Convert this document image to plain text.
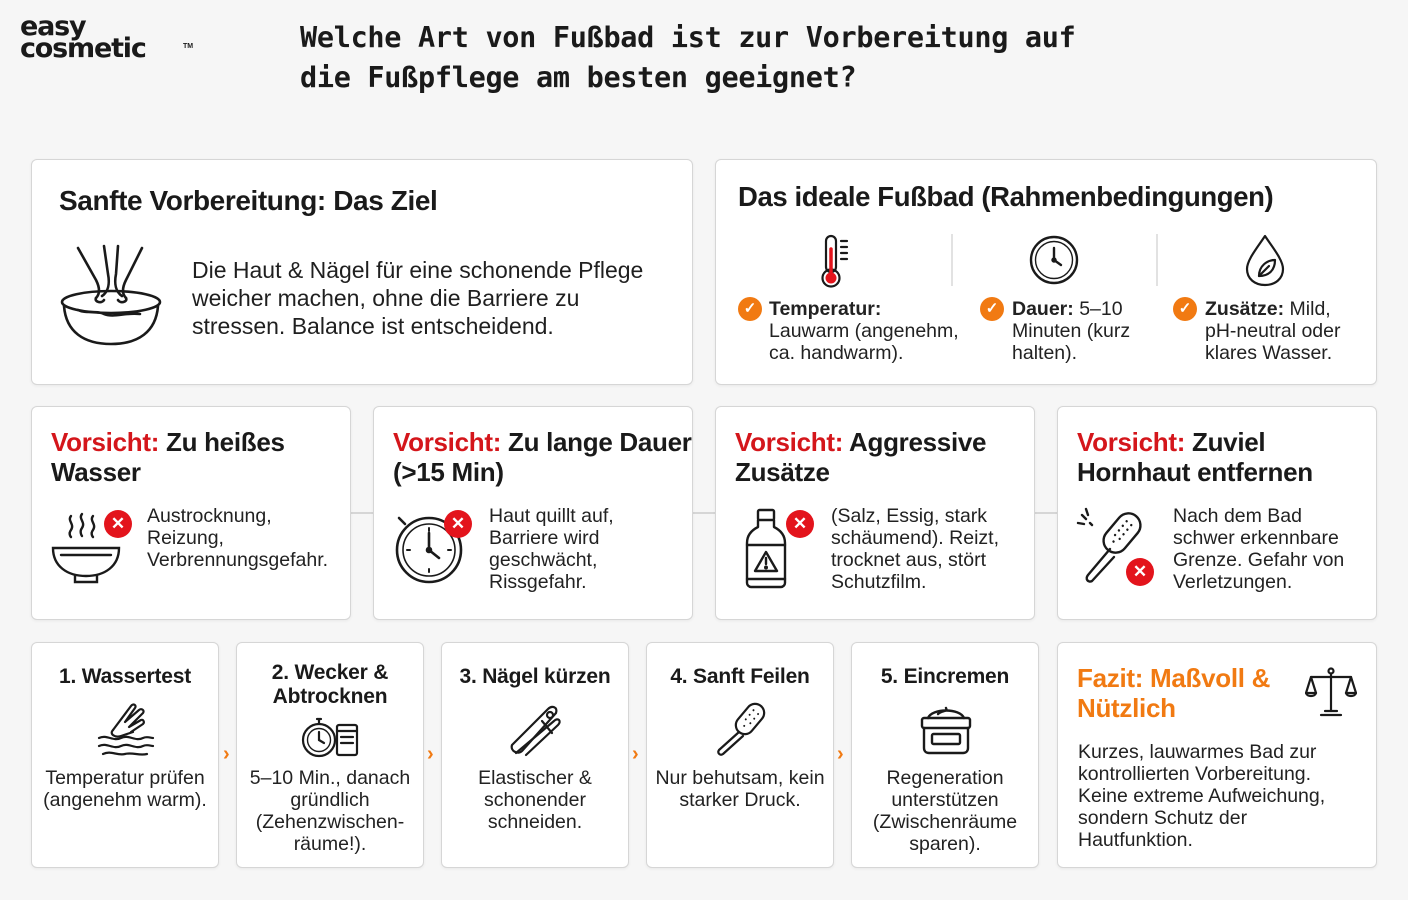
easy
cosmetic	TM	Welche Art von Fußbad ist zur Vorbereitung auf die Fußpflege am besten geeignet?
Sanfte Vorbereitung: Das Ziel
Die Haut & Nägel für eine schonende Pflege weicher machen, ohne die Barriere zu stressen. Balance ist entscheidend.
Das ideale Fußbad (Rahmenbedingungen)
✓ Temperatur:
Lauwarm (angenehm, ca. handwarm).
✓ Dauer: 5–10 Minuten (kurz halten).
✓ Zusätze: Mild, pH-neutral oder klares Wasser.
Vorsicht: Zu heißes Wasser
✕	Austrocknung, Reizung, Verbrennungsgefahr.
Vorsicht: Zu lange Dauer (>15 Min)
✕	Haut quillt auf, Barriere wird geschwächt, Rissgefahr.
Vorsicht: Aggressive Zusätze
✕	(Salz, Essig, stark schäumend). Reizt, trocknet aus, stört Schutzfilm.
Vorsicht: Zuviel Hornhaut entfernen
✕
Nach dem Bad schwer erkennbare Grenze. Gefahr von Verletzungen.
1. Wassertest
Temperatur prüfen (angenehm warm).
›
2. Wecker & Abtrocknen
5–10 Min., danach gründlich (Zehenzwischen-räume!).
›
3. Nägel kürzen
Elastischer & schonender schneiden.
›
4. Sanft Feilen
Nur behutsam, kein starker Druck.
›
5. Eincremen
Regeneration unterstützen (Zwischenräume sparen).
Fazit: Maßvoll & Nützlich
Kurzes, lauwarmes Bad zur kontrollierten Vorbereitung. Keine extreme Aufweichung, sondern Schutz der Hautfunktion.
